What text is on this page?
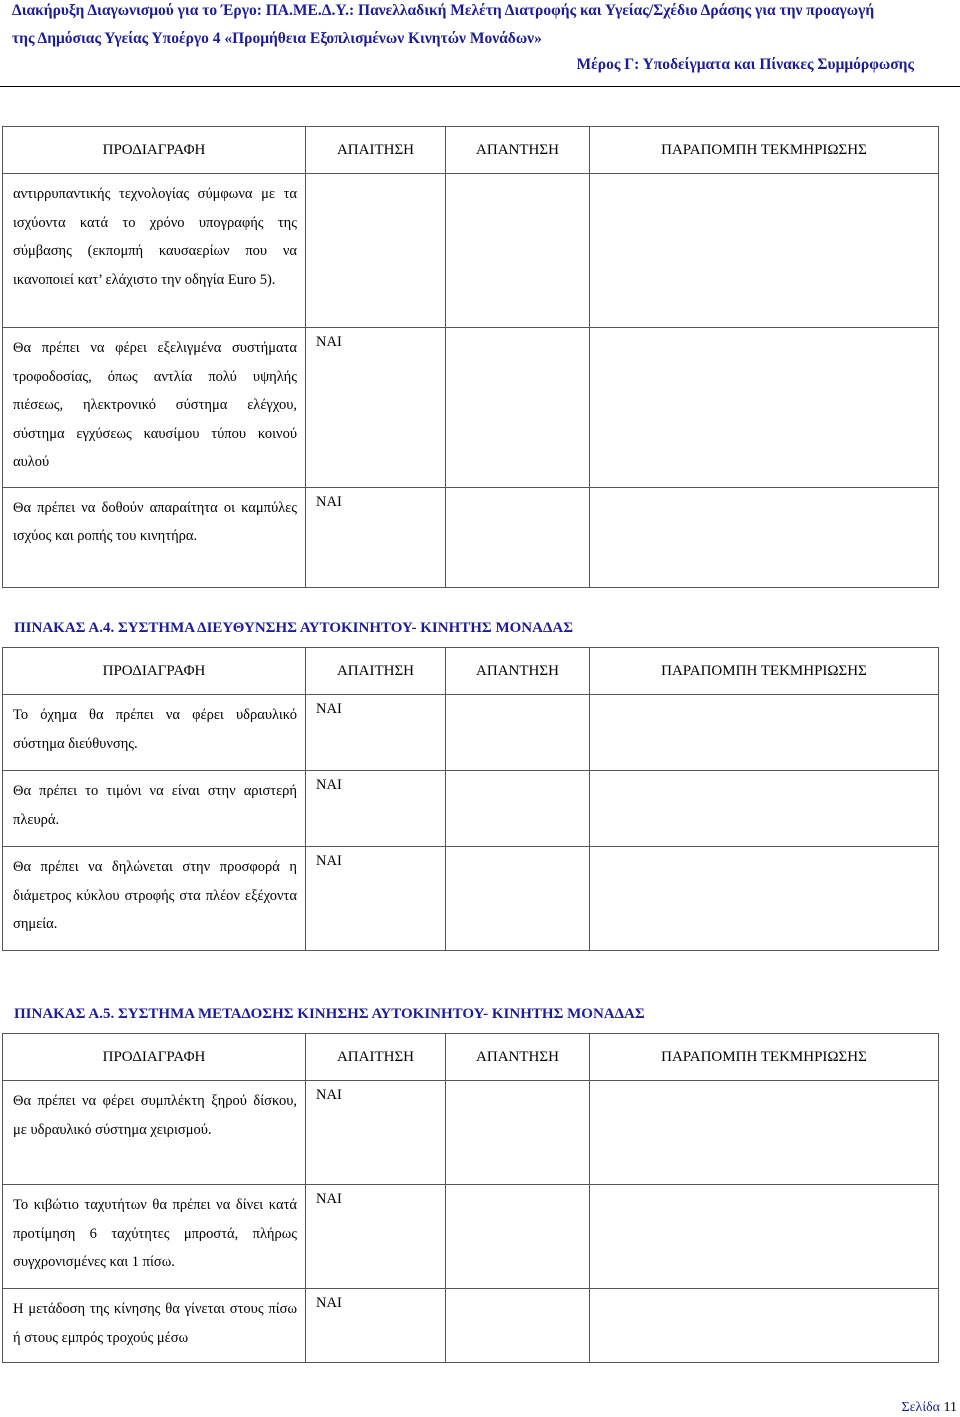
Διακήρυξη Διαγωνισμού για το Έργο: ΠΑ.ΜΕ.Δ.Υ.: Πανελλαδική Μελέτη Διατροφής και Υγείας/Σχέδιο Δράσης για την προαγωγή
της Δημόσιας Υγείας Υποέργο 4 «Προμήθεια Εξοπλισμένων Κινητών Μονάδων»
Μέρος Γ: Υποδείγματα και Πίνακες Συμμόρφωσης
ΠΡΟΔΙΑΓΡΑΦΗ	ΑΠΑΙΤΗΣΗ	ΑΠΑΝΤΗΣΗ	ΠΑΡΑΠΟΜΠΗ ΤΕΚΜΗΡΙΩΣΗΣ

αντιρρυπαντικής τεχνολογίας σύμφωνα με τα ισχύοντα κατά το χρόνο υπογραφής της σύμβασης (εκπομπή καυσαερίων που να ικανοποιεί κατ’ ελάχιστο την οδηγία Euro 5).			

Θα πρέπει να φέρει εξελιγμένα συστήματα τροφοδοσίας, όπως αντλία πολύ υψηλής πιέσεως, ηλεκτρονικό σύστημα ελέγχου, σύστημα εγχύσεως καυσίμου τύπου κοινού αυλού	ΝΑΙ		

Θα πρέπει να δοθούν απαραίτητα οι καμπύλες ισχύος και ροπής του κινητήρα.	ΝΑΙ		

ΠΙΝΑΚΑΣ Α.4. ΣΥΣΤΗΜΑ ΔΙΕΥΘΥΝΣΗΣ ΑΥΤΟΚΙΝΗΤΟΥ- ΚΙΝΗΤΗΣ ΜΟΝΑΔΑΣ
ΠΡΟΔΙΑΓΡΑΦΗ	ΑΠΑΙΤΗΣΗ	ΑΠΑΝΤΗΣΗ	ΠΑΡΑΠΟΜΠΗ ΤΕΚΜΗΡΙΩΣΗΣ

Το όχημα θα πρέπει να φέρει υδραυλικό σύστημα διεύθυνσης.	ΝΑΙ		

Θα πρέπει το τιμόνι να είναι στην αριστερή πλευρά.	ΝΑΙ		

Θα πρέπει να δηλώνεται στην προσφορά η διάμετρος κύκλου στροφής στα πλέον εξέχοντα σημεία.	ΝΑΙ		

ΠΙΝΑΚΑΣ Α.5. ΣΥΣΤΗΜΑ ΜΕΤΑΔΟΣΗΣ ΚΙΝΗΣΗΣ ΑΥΤΟΚΙΝΗΤΟΥ- ΚΙΝΗΤΗΣ ΜΟΝΑΔΑΣ
ΠΡΟΔΙΑΓΡΑΦΗ	ΑΠΑΙΤΗΣΗ	ΑΠΑΝΤΗΣΗ	ΠΑΡΑΠΟΜΠΗ ΤΕΚΜΗΡΙΩΣΗΣ

Θα πρέπει να φέρει συμπλέκτη ξηρού δίσκου, με υδραυλικό σύστημα χειρισμού.	ΝΑΙ		

Το κιβώτιο ταχυτήτων θα πρέπει να δίνει κατά προτίμηση 6 ταχύτητες μπροστά, πλήρως συγχρονισμένες και 1 πίσω.	ΝΑΙ		

Η μετάδοση της κίνησης θα γίνεται στους πίσω ή στους εμπρός τροχούς μέσω	ΝΑΙ		

Σελίδα 11
